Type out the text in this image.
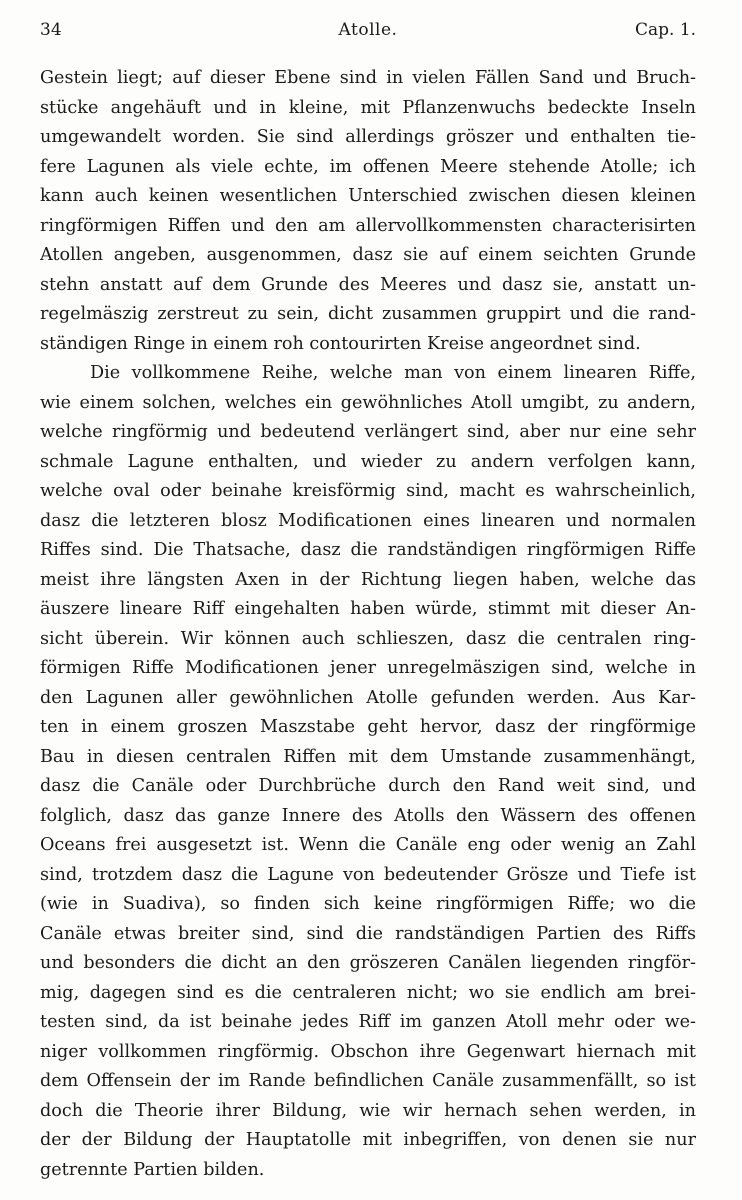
34	Atolle.	Cap. 1.
Gestein liegt; auf dieser Ebene sind in vielen Fällen Sand und Bruch-
stücke angehäuft und in kleine, mit Pflanzenwuchs bedeckte Inseln
umgewandelt worden. Sie sind allerdings gröszer und enthalten tie-
fere Lagunen als viele echte, im offenen Meere stehende Atolle; ich
kann auch keinen wesentlichen Unterschied zwischen diesen kleinen
ringförmigen Riffen und den am allervollkommensten characterisirten
Atollen angeben, ausgenommen, dasz sie auf einem seichten Grunde
stehn anstatt auf dem Grunde des Meeres und dasz sie, anstatt un-
regelmäszig zerstreut zu sein, dicht zusammen gruppirt und die rand-
ständigen Ringe in einem roh contourirten Kreise angeordnet sind.
Die vollkommene Reihe, welche man von einem linearen Riffe,
wie einem solchen, welches ein gewöhnliches Atoll umgibt, zu andern,
welche ringförmig und bedeutend verlängert sind, aber nur eine sehr
schmale Lagune enthalten, und wieder zu andern verfolgen kann,
welche oval oder beinahe kreisförmig sind, macht es wahrscheinlich,
dasz die letzteren blosz Modificationen eines linearen und normalen
Riffes sind. Die Thatsache, dasz die randständigen ringförmigen Riffe
meist ihre längsten Axen in der Richtung liegen haben, welche das
äuszere lineare Riff eingehalten haben würde, stimmt mit dieser An-
sicht überein. Wir können auch schlieszen, dasz die centralen ring-
förmigen Riffe Modificationen jener unregelmäszigen sind, welche in
den Lagunen aller gewöhnlichen Atolle gefunden werden. Aus Kar-
ten in einem groszen Maszstabe geht hervor, dasz der ringförmige
Bau in diesen centralen Riffen mit dem Umstande zusammenhängt,
dasz die Canäle oder Durchbrüche durch den Rand weit sind, und
folglich, dasz das ganze Innere des Atolls den Wässern des offenen
Oceans frei ausgesetzt ist. Wenn die Canäle eng oder wenig an Zahl
sind, trotzdem dasz die Lagune von bedeutender Grösze und Tiefe ist
(wie in Suadiva), so finden sich keine ringförmigen Riffe; wo die
Canäle etwas breiter sind, sind die randständigen Partien des Riffs
und besonders die dicht an den gröszeren Canälen liegenden ringför-
mig, dagegen sind es die centraleren nicht; wo sie endlich am brei-
testen sind, da ist beinahe jedes Riff im ganzen Atoll mehr oder we-
niger vollkommen ringförmig. Obschon ihre Gegenwart hiernach mit
dem Offensein der im Rande befindlichen Canäle zusammenfällt, so ist
doch die Theorie ihrer Bildung, wie wir hernach sehen werden, in
der der Bildung der Hauptatolle mit inbegriffen, von denen sie nur
getrennte Partien bilden.
